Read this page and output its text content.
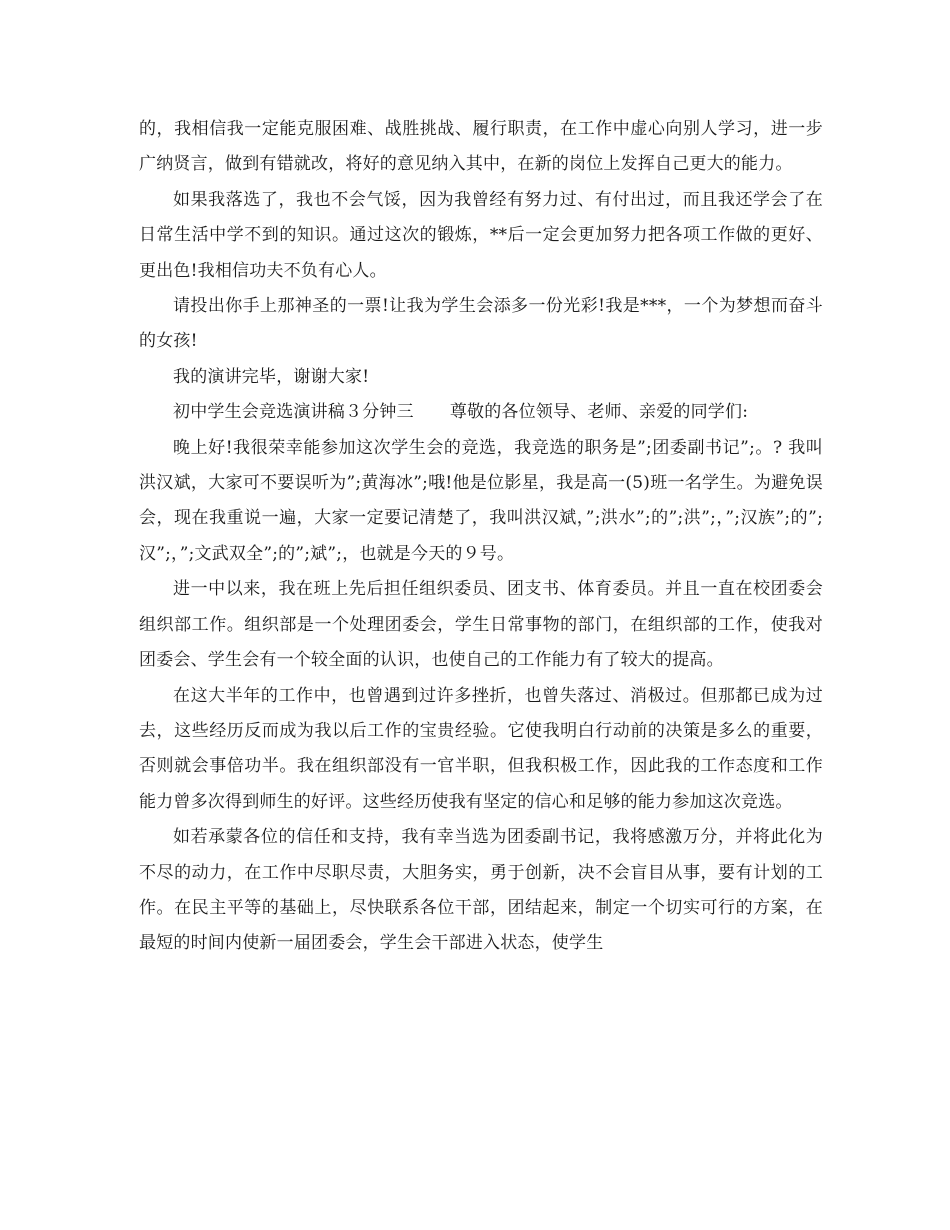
的，我相信我一定能克服困难、战胜挑战、履行职责，在工作中虚心向别人学习，进一步广纳贤言，做到有错就改，将好的意见纳入其中，在新的岗位上发挥自己更大的能力。

如果我落选了，我也不会气馁，因为我曾经有努力过、有付出过，而且我还学会了在日常生活中学不到的知识。通过这次的锻炼，**后一定会更加努力把各项工作做的更好、更出色!我相信功夫不负有心人。

请投出你手上那神圣的一票!让我为学生会添多一份光彩!我是***，一个为梦想而奋斗的女孩!

我的演讲完毕，谢谢大家!

初中学生会竞选演讲稿３分钟三 尊敬的各位领导、老师、亲爱的同学们:

晚上好!我很荣幸能参加这次学生会的竞选，我竞选的职务是”;团委副书记”;。? 我叫洪汉斌，大家可不要误听为”;黄海冰”;哦!他是位影星，我是高一(5)班一名学生。为避免误会，现在我重说一遍，大家一定要记清楚了，我叫洪汉斌，”;洪水”;的”;洪”;，”;汉族”;的”;汉”;，”;文武双全”;的”;斌”;，也就是今天的９号。

进一中以来，我在班上先后担任组织委员、团支书、体育委员。并且一直在校团委会组织部工作。组织部是一个处理团委会，学生日常事物的部门，在组织部的工作，使我对团委会、学生会有一个较全面的认识，也使自己的工作能力有了较大的提高。

在这大半年的工作中，也曾遇到过许多挫折，也曾失落过、消极过。但那都已成为过去，这些经历反而成为我以后工作的宝贵经验。它使我明白行动前的决策是多么的重要，否则就会事倍功半。我在组织部没有一官半职，但我积极工作，因此我的工作态度和工作能力曾多次得到师生的好评。这些经历使我有坚定的信心和足够的能力参加这次竞选。

如若承蒙各位的信任和支持，我有幸当选为团委副书记，我将感激万分，并将此化为不尽的动力，在工作中尽职尽责，大胆务实，勇于创新，决不会盲目从事，要有计划的工作。在民主平等的基础上，尽快联系各位干部，团结起来，制定一个切实可行的方案，在最短的时间内使新一届团委会，学生会干部进入状态，使学生
